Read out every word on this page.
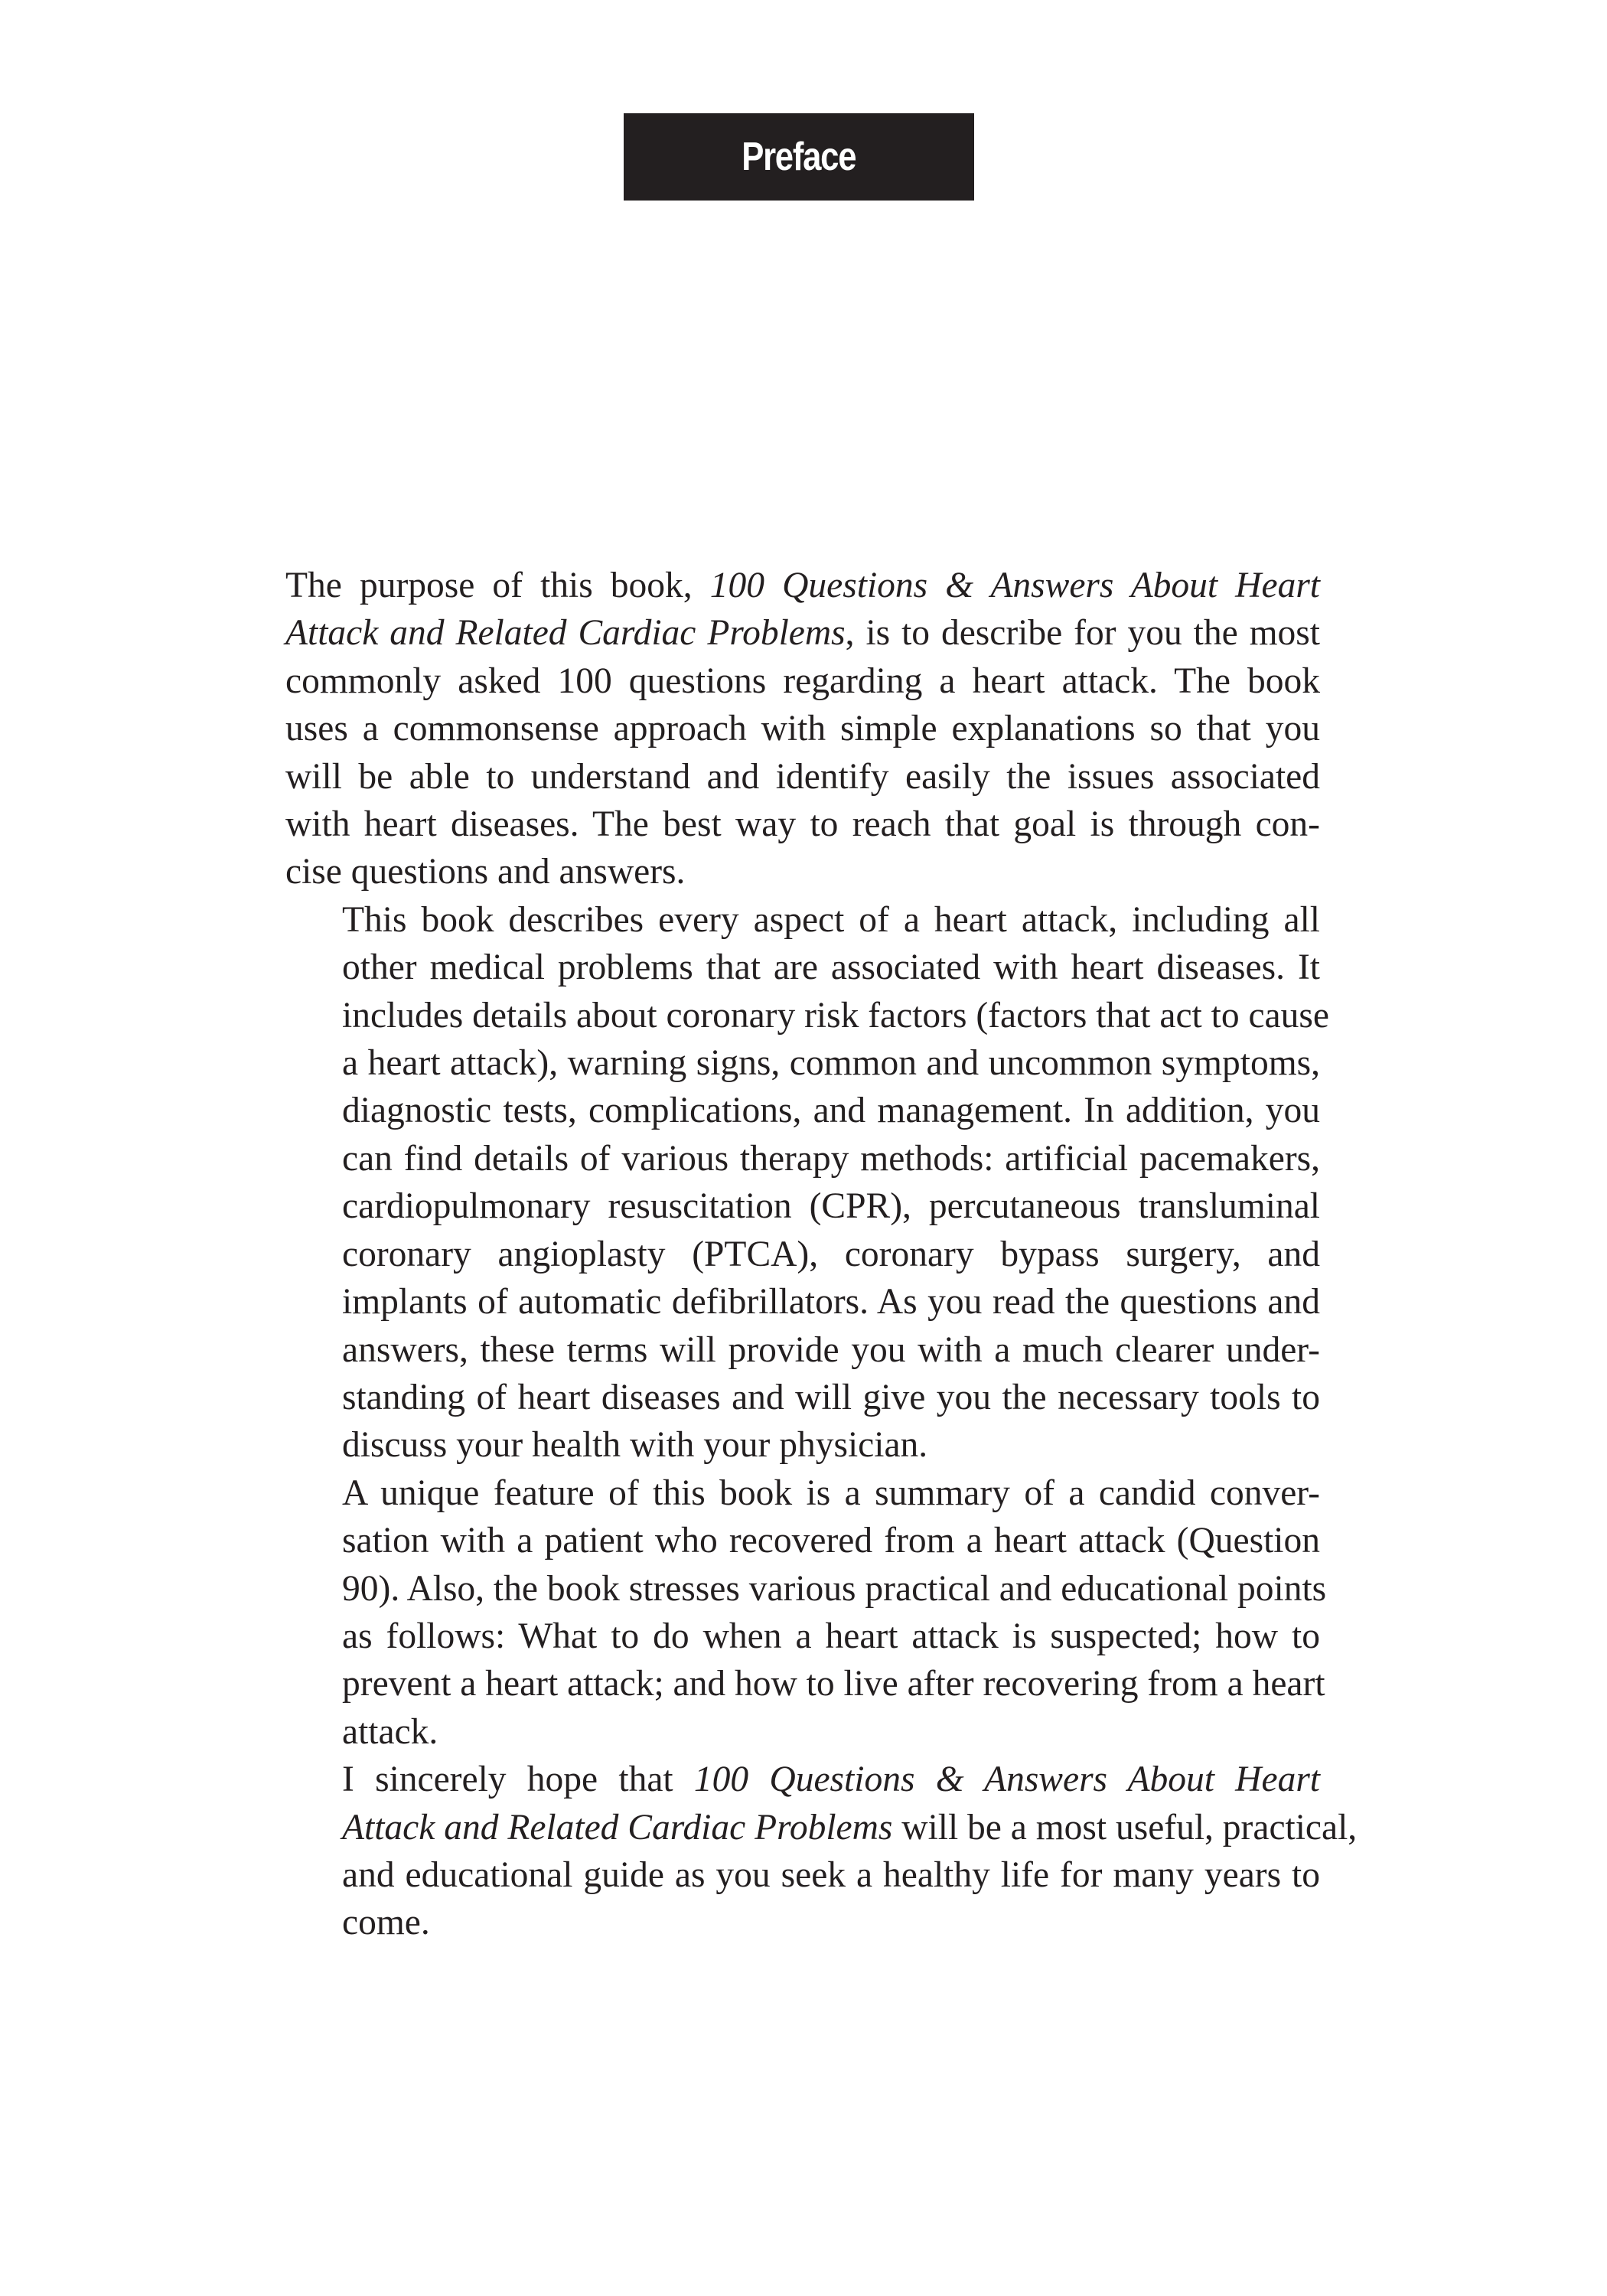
Preface

The purpose of this book, 100 Questions & Answers About Heart
Attack and Related Cardiac Problems, is to describe for you the most
commonly asked 100 questions regarding a heart attack. The book
uses a commonsense approach with simple explanations so that you
will be able to understand and identify easily the issues associated
with heart diseases. The best way to reach that goal is through con-
cise questions and answers.

This book describes every aspect of a heart attack, including all
other medical problems that are associated with heart diseases. It
includes details about coronary risk factors (factors that act to cause
a heart attack), warning signs, common and uncommon symptoms,
diagnostic tests, complications, and management. In addition, you
can find details of various therapy methods: artificial pacemakers,
cardiopulmonary resuscitation (CPR), percutaneous transluminal
coronary angioplasty (PTCA), coronary bypass surgery, and
implants of automatic defibrillators. As you read the questions and
answers, these terms will provide you with a much clearer under-
standing of heart diseases and will give you the necessary tools to
discuss your health with your physician.

A unique feature of this book is a summary of a candid conver-
sation with a patient who recovered from a heart attack (Question
90). Also, the book stresses various practical and educational points
as follows: What to do when a heart attack is suspected; how to
prevent a heart attack; and how to live after recovering from a heart
attack.

I sincerely hope that 100 Questions & Answers About Heart
Attack and Related Cardiac Problems will be a most useful, practical,
and educational guide as you seek a healthy life for many years to
come.
